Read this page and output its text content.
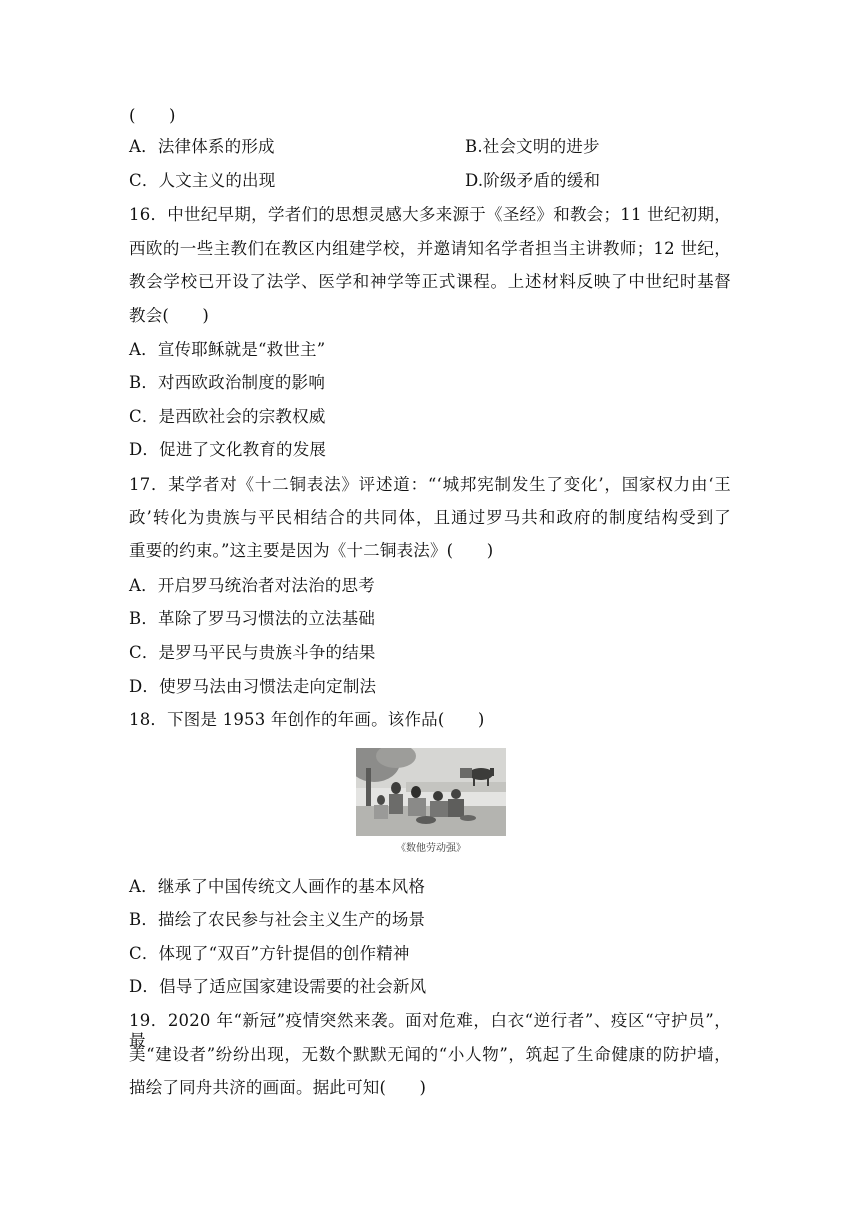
(　　)
A．法律体系的形成	B.社会文明的进步
C．人文主义的出现	D.阶级矛盾的缓和
16．中世纪早期，学者们的思想灵感大多来源于《圣经》和教会；11 世纪初期，
西欧的一些主教们在教区内组建学校，并邀请知名学者担当主讲教师；12 世纪，
教会学校已开设了法学、医学和神学等正式课程。上述材料反映了中世纪时基督
教会(　　)
A．宣传耶稣就是“救世主”
B．对西欧政治制度的影响
C．是西欧社会的宗教权威
D．促进了文化教育的发展
17．某学者对《十二铜表法》评述道：“‘城邦宪制发生了变化’，国家权力由‘王
政’转化为贵族与平民相结合的共同体，且通过罗马共和政府的制度结构受到了
重要的约束。”这主要是因为《十二铜表法》(　　)
A．开启罗马统治者对法治的思考
B．革除了罗马习惯法的立法基础
C．是罗马平民与贵族斗争的结果
D．使罗马法由习惯法走向定制法
18．下图是 1953 年创作的年画。该作品(　　)
《数他劳动强》
A．继承了中国传统文人画作的基本风格
B．描绘了农民参与社会主义生产的场景
C．体现了“双百”方针提倡的创作精神
D．倡导了适应国家建设需要的社会新风
19．2020 年“新冠”疫情突然来袭。面对危难，白衣“逆行者”、疫区“守护员”，最
美“建设者”纷纷出现，无数个默默无闻的“小人物”，筑起了生命健康的防护墙，
描绘了同舟共济的画面。据此可知(　　)
